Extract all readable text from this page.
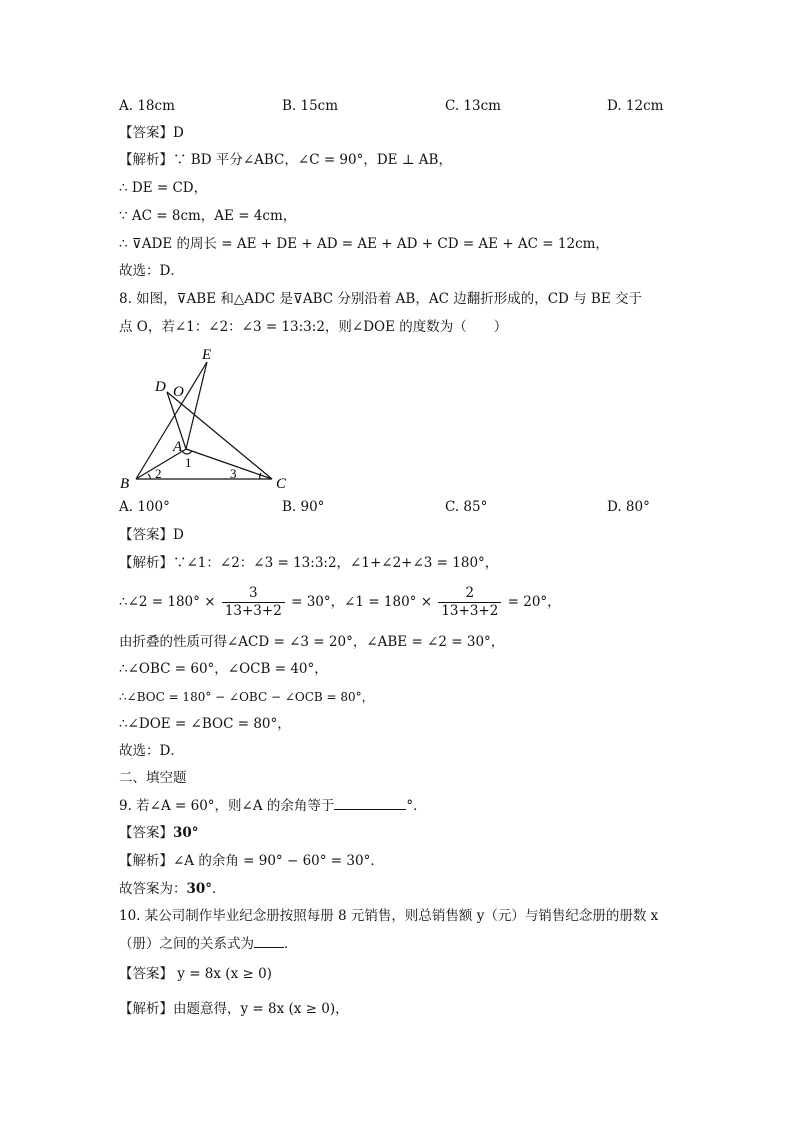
A. 18cm	B. 15cm	C. 13cm	D. 12cm
【答案】D
【解析】∵ BD 平分∠ABC，∠C = 90°，DE ⊥ AB，
∴ DE = CD，
∵ AC = 8cm，AE = 4cm，
∴ ⊽ADE 的周长 = AE + DE + AD = AE + AD + CD = AE + AC = 12cm，
故选：D．
8. 如图，⊽ABE 和△ADC 是⊽ABC 分别沿着 AB，AC 边翻折形成的，CD 与 BE 交于
点 O，若∠1：∠2：∠3 = 13:3:2，则∠DOE 的度数为（　　）
E
D O
A
1
2	3
B	C
A. 100°	B. 90°	C. 85°	D. 80°
【答案】D
【解析】∵∠1：∠2：∠3 = 13:3:2，∠1+∠2+∠3 = 180°，
∴∠2 = $180^\circ \times \frac{3}{13+3+2} = 30^\circ$，∠1 = $180^\circ \times \frac{2}{13+3+2} = 20^\circ$，
由折叠的性质可得∠ACD = ∠3 = 20°，∠ABE = ∠2 = 30°，
∴∠OBC = 60°，∠OCB = 40°，
∴∠BOC = 180° − ∠OBC − ∠OCB = 80°，
∴∠DOE = ∠BOC = 80°，
故选：D．
二、填空题
9. 若∠A = 60°，则∠A 的余角等于	°．
【答案】30°
【解析】∠A 的余角 = 90° − 60° = 30°．
故答案为：30°．
10. 某公司制作毕业纪念册按照每册 8 元销售，则总销售额 y（元）与销售纪念册的册数 x
（册）之间的关系式为 ．
【答案】 y = 8x (x ≥ 0)
【解析】由题意得，y = 8x (x ≥ 0)，
